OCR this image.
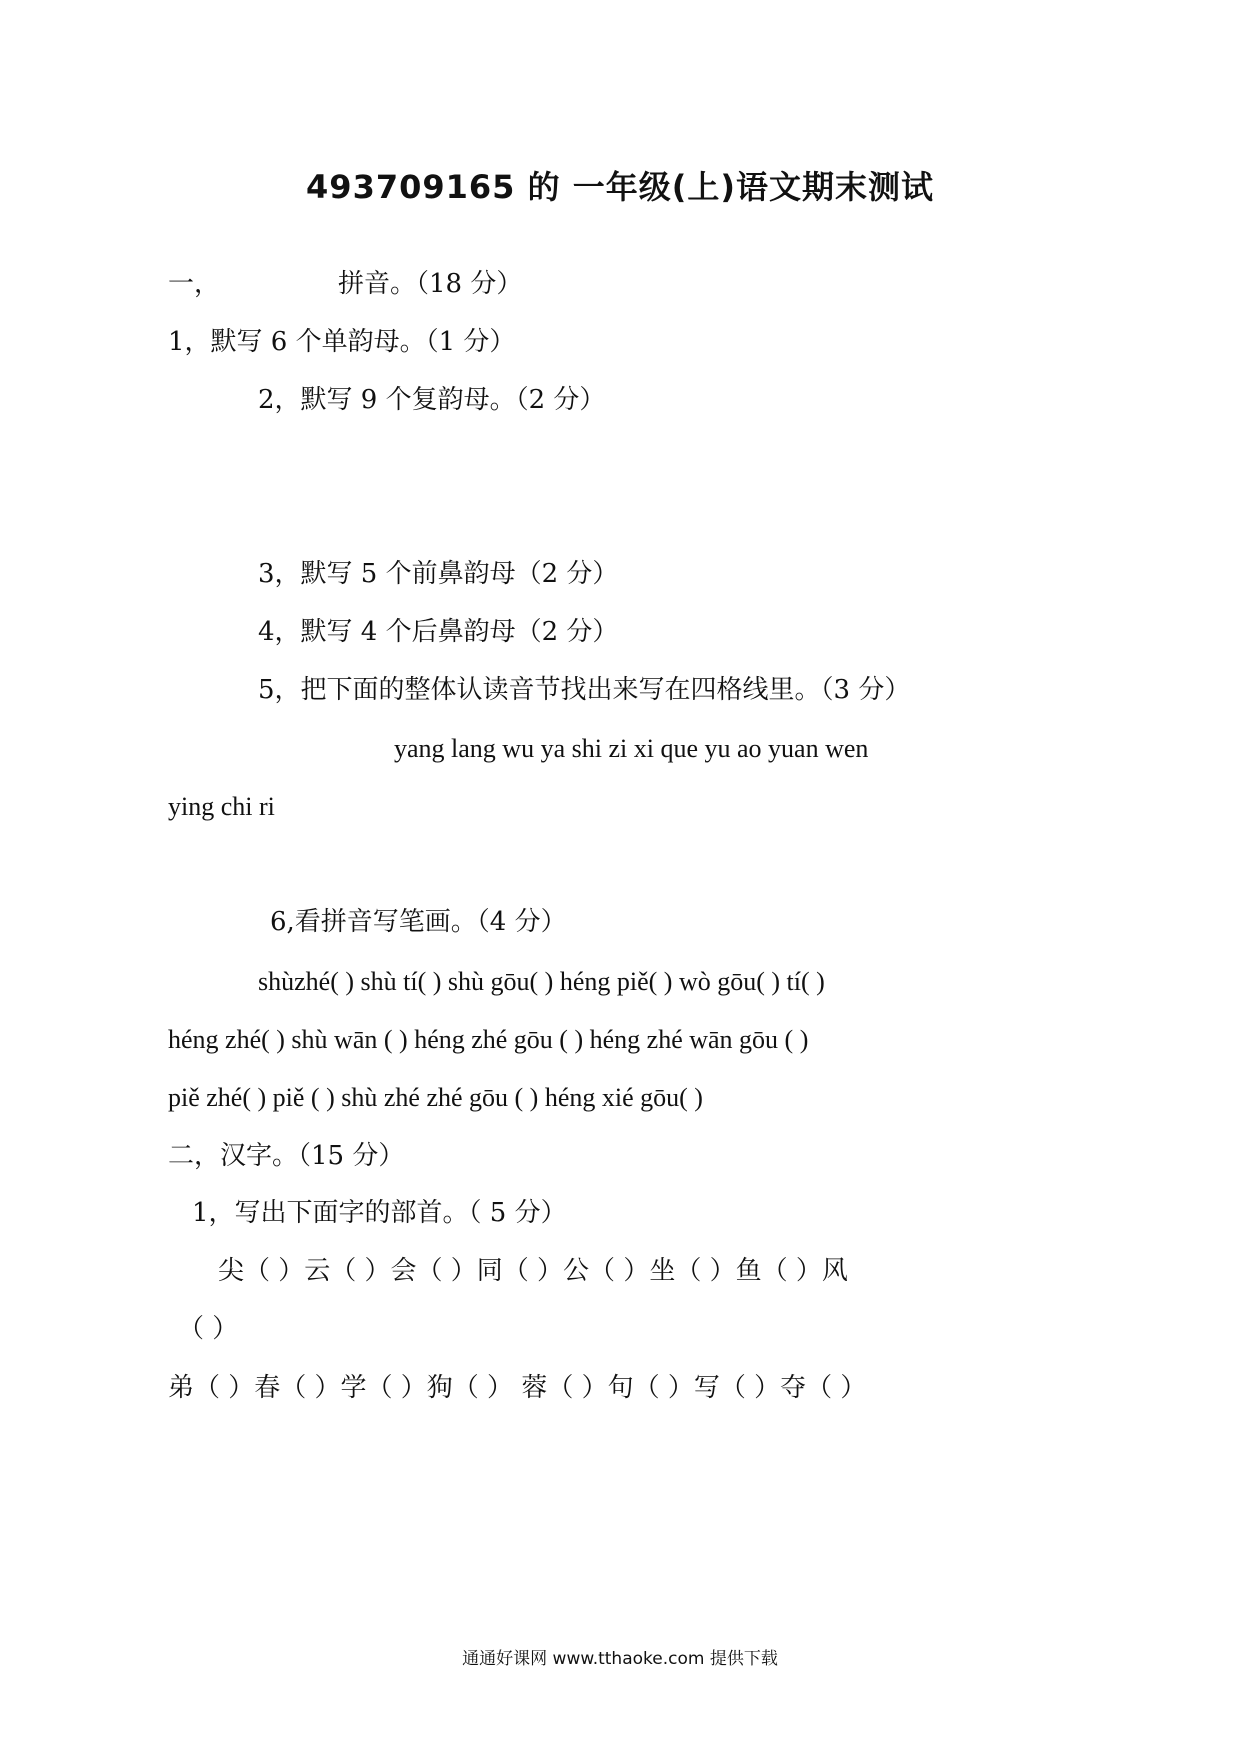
493709165 的 一年级(上)语文期末测试
一，	拼音。（18 分）
1，默写 6 个单韵母。（1 分）
2，默写 9 个复韵母。（2 分）
3，默写 5 个前鼻韵母（2 分）
4，默写 4 个后鼻韵母（2 分）
5，把下面的整体认读音节找出来写在四格线里。（3 分）
yang lang wu ya shi zi xi que yu ao yuan wen
ying chi ri
6,看拼音写笔画。（4 分）
shùzhé( ) shù tí( ) shù gōu( ) héng piě( ) wò gōu( ) tí( )
héng zhé( ) shù wān ( ) héng zhé gōu ( ) héng zhé wān gōu ( )
piě zhé( ) piě ( ) shù zhé zhé gōu ( ) héng xié gōu( )
二，汉字。（15 分）
1，写出下面字的部首。（ 5 分）
尖（ ）云（ ）会（ ）同（ ）公（ ）坐（ ）鱼（ ）风
（ ）
弟（ ）春（ ）学（ ）狗（ ） 蓉（ ）句（ ）写（ ）夺（ ）
通通好课网 www.tthaoke.com 提供下载
